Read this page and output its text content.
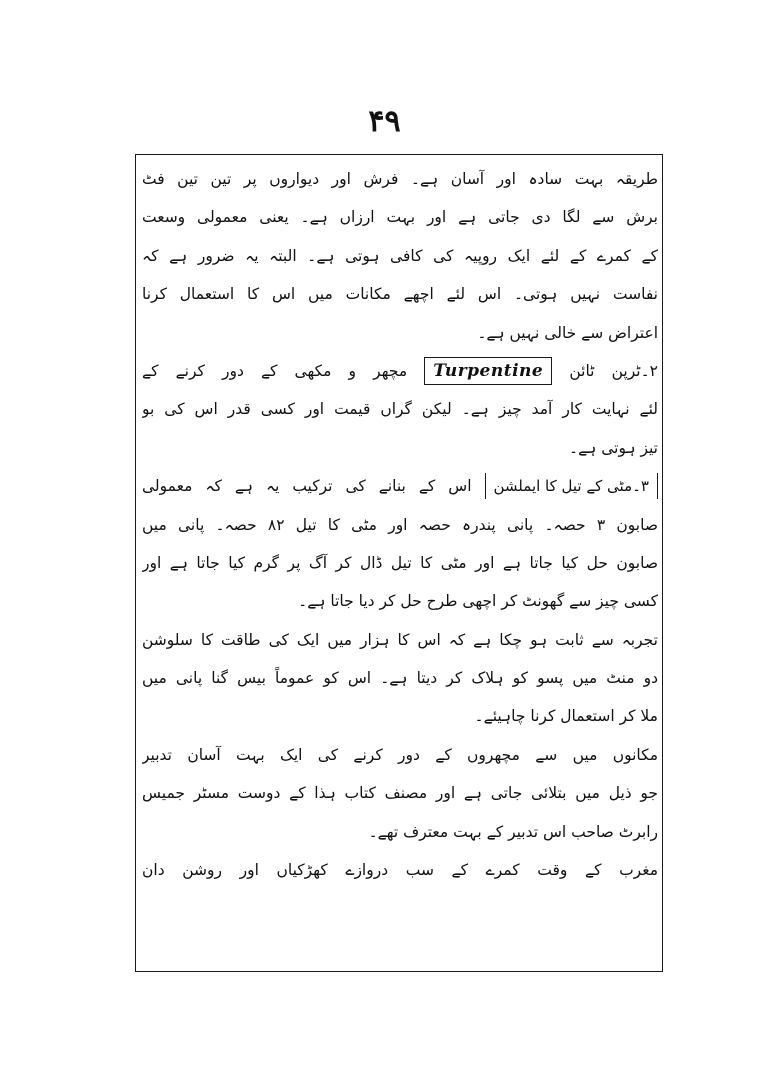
۴۹
طریقہ بہت سادہ اور آسان ہے۔ فرش اور دیواروں پر تین تین فٹ
برش سے لگا دی جاتی ہے اور بہت ارزاں ہے۔ یعنی معمولی وسعت
کے کمرے کے لئے ایک روپیہ کی کافی ہوتی ہے۔ البتہ یہ ضرور ہے کہ
نفاست نہیں ہوتی۔ اس لئے اچھے مکانات میں اس کا استعمال کرنا
اعتراض سے خالی نہیں ہے۔
۲۔ٹرپن ٹائن Turpentine مچھر و مکھی کے دور کرنے کے
لئے نہایت کار آمد چیز ہے۔ لیکن گراں قیمت اور کسی قدر اس کی بو
تیز ہوتی ہے۔
۳۔مٹی کے تیل کا ایملشن اس کے بنانے کی ترکیب یہ ہے کہ معمولی
صابون ۳ حصہ۔ پانی پندرہ حصہ اور مٹی کا تیل ۸۲ حصہ۔ پانی میں
صابون حل کیا جاتا ہے اور مٹی کا تیل ڈال کر آگ پر گرم کیا جاتا ہے اور
کسی چیز سے گھونٹ کر اچھی طرح حل کر دیا جاتا ہے۔
تجربہ سے ثابت ہو چکا ہے کہ اس کا ہزار میں ایک کی طاقت کا سلوشن
دو منٹ میں پسو کو ہلاک کر دیتا ہے۔ اس کو عموماً بیس گنا پانی میں
ملا کر استعمال کرنا چاہیئے۔
مکانوں میں سے مچھروں کے دور کرنے کی ایک بہت آسان تدبیر
جو ذیل میں بتلائی جاتی ہے اور مصنف کتاب ہذا کے دوست مسٹر جمیس
رابرٹ صاحب اس تدبیر کے بہت معترف تھے۔
مغرب کے وقت کمرے کے سب دروازے کھڑکیاں اور روشن دان
